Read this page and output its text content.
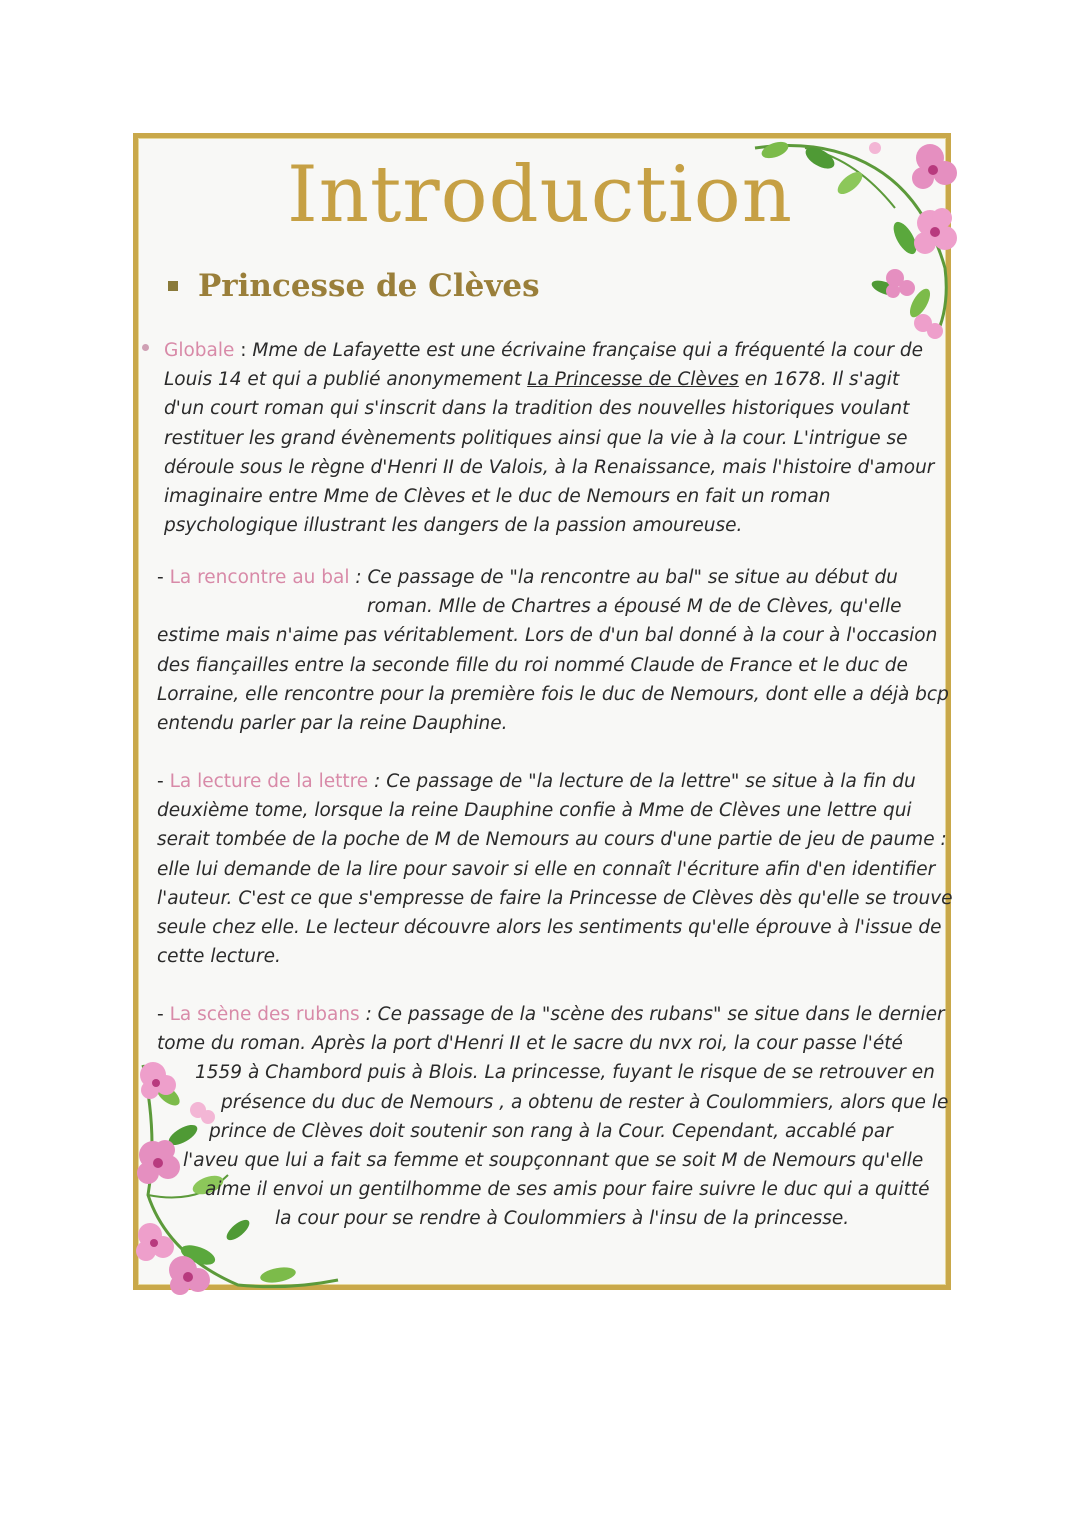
Introduction
Princesse de Clèves
Globale : Mme de Lafayette est une écrivaine française qui a fréquenté la cour de
Louis 14 et qui a publié anonymement La Princesse de Clèves en 1678. Il s'agit
d'un court roman qui s'inscrit dans la tradition des nouvelles historiques voulant
restituer les grand évènements politiques ainsi que la vie à la cour. L'intrigue se
déroule sous le règne d'Henri II de Valois, à la Renaissance, mais l'histoire d'amour
imaginaire entre Mme de Clèves et le duc de Nemours en fait un roman
psychologique illustrant les dangers de la passion amoureuse.
- La rencontre au bal : Ce passage de "la rencontre au bal" se situe au début du
roman. Mlle de Chartres a épousé M de de Clèves, qu'elle
estime mais n'aime pas véritablement. Lors de d'un bal donné à la cour à l'occasion
des fiançailles entre la seconde fille du roi nommé Claude de France et le duc de
Lorraine, elle rencontre pour la première fois le duc de Nemours, dont elle a déjà bcp
entendu parler par la reine Dauphine.
- La lecture de la lettre : Ce passage de "la lecture de la lettre" se situe à la fin du
deuxième tome, lorsque la reine Dauphine confie à Mme de Clèves une lettre qui
serait tombée de la poche de M de Nemours au cours d'une partie de jeu de paume :
elle lui demande de la lire pour savoir si elle en connaît l'écriture afin d'en identifier
l'auteur. C'est ce que s'empresse de faire la Princesse de Clèves dès qu'elle se trouve
seule chez elle. Le lecteur découvre alors les sentiments qu'elle éprouve à l'issue de
cette lecture.
- La scène des rubans : Ce passage de la "scène des rubans" se situe dans le dernier
tome du roman. Après la port d'Henri II et le sacre du nvx roi, la cour passe l'été
1559 à Chambord puis à Blois. La princesse, fuyant le risque de se retrouver en
présence du duc de Nemours , a obtenu de rester à Coulommiers, alors que le
prince de Clèves doit soutenir son rang à la Cour. Cependant, accablé par
l'aveu que lui a fait sa femme et soupçonnant que se soit M de Nemours qu'elle
aime il envoi un gentilhomme de ses amis pour faire suivre le duc qui a quitté
la cour pour se rendre à Coulommiers à l'insu de la princesse.
